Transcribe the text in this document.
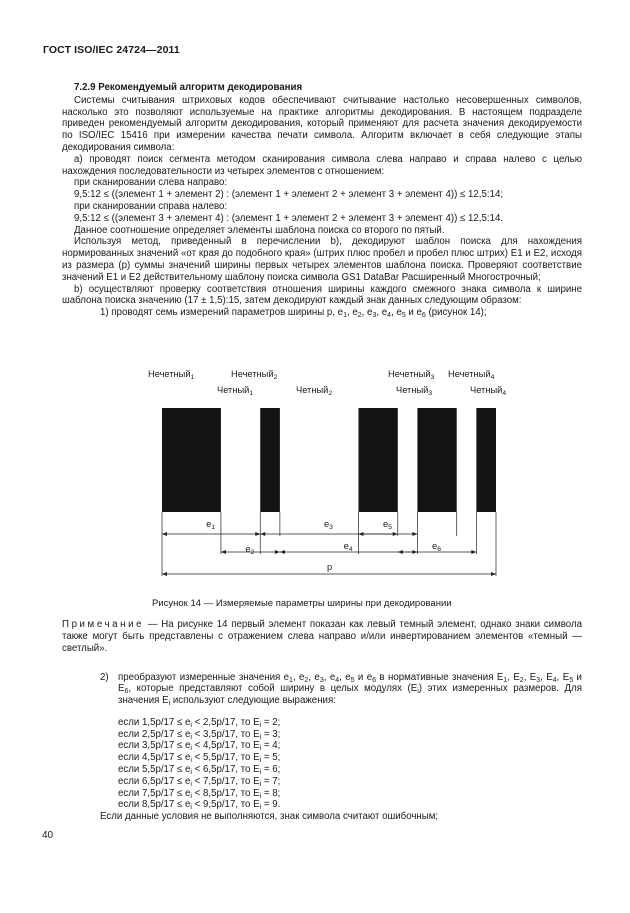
ГОСТ ISO/IEC 24724—2011

7.2.9 Рекомендуемый алгоритм декодирования

Системы считывания штриховых кодов обеспечивают считывание настолько несовершенных символов, насколько это позволяют используемые на практике алгоритмы декодирования. В настоящем подразделе приведен рекомендуемый алгоритм декодирования, который применяют для расчета значения декодируемости по ISO/IEC 15416 при измерении качества печати символа. Алгоритм включает в себя следующие этапы декодирования символа:

а) проводят поиск сегмента методом сканирования символа слева направо и справа налево с целью нахождения последовательности из четырех элементов с отношением:

при сканировании слева направо:

9,5:12 ≤ ((элемент 1 + элемент 2) : (элемент 1 + элемент 2 + элемент 3 + элемент 4)) ≤ 12,5:14;

при сканировании справа налево:

9,5:12 ≤ ((элемент 3 + элемент 4) : (элемент 1 + элемент 2 + элемент 3 + элемент 4)) ≤ 12,5:14.

Данное соотношение определяет элементы шаблона поиска со второго по пятый.

Используя метод, приведенный в перечислении b), декодируют шаблон поиска для нахождения нормированных значений «от края до подобного края» (штрих плюс пробел и пробел плюс штрих) E1 и E2, исходя из размера (p) суммы значений ширины первых четырех элементов шаблона поиска. Проверяют соответствие значений E1 и E2 действительному шаблону поиска символа GS1 DataBar Расширенный Многострочный;

b) осуществляют проверку соответствия отношения ширины каждого смежного знака символа к ширине шаблона поиска значению (17 ± 1,5):15, затем декодируют каждый знак данных следующим образом:

1) проводят семь измерений параметров ширины p, $e_1$, $e_2$, $e_3$, $e_4$, $e_5$ и $e_6$ (рисунок 14);

Нечетный$_1$	Нечетный$_2$	Нечетный$_3$ Нечетный$_4$
Четный$_1$	Четный$_2$	Четный$_3$	Четный$_4$
$e_1$
$e_2$
$e_3$
$e_4$
$e_5$
$e_6$
p
Рисунок 14 — Измеряемые параметры ширины при декодировании
Примечание — На рисунке 14 первый элемент показан как левый темный элемент, однако знаки символа также могут быть представлены с отражением слева направо и/или инвертированием элементов «темный — светлый».

2) преобразуют измеренные значения $e_1$, $e_2$, $e_3$, $e_4$, $e_5$ и $e_6$ в нормативные значения $E_1$, $E_2$, $E_3$, $E_4$, $E_5$ и $E_6$, которые представляют собой ширину в целых модулях $(E_i)$ этих измеренных размеров. Для значения $E_i$ используют следующие выражения:

если $1,5p/17 \le e_i < 2,5p/17$, то $E_i = 2$;

если $2,5p/17 \le e_i < 3,5p/17$, то $E_i = 3$;

если $3,5p/17 \le e_i < 4,5p/17$, то $E_i = 4$;

если $4,5p/17 \le e_i < 5,5p/17$, то $E_i = 5$;

если $5,5p/17 \le e_i < 6,5p/17$, то $E_i = 6$;

если $6,5p/17 \le e_i < 7,5p/17$, то $E_i = 7$;

если $7,5p/17 \le e_i < 8,5p/17$, то $E_i = 8$;

если $8,5p/17 \le e_i < 9,5p/17$, то $E_i = 9$.

Если данные условия не выполняются, знак символа считают ошибочным;

40
